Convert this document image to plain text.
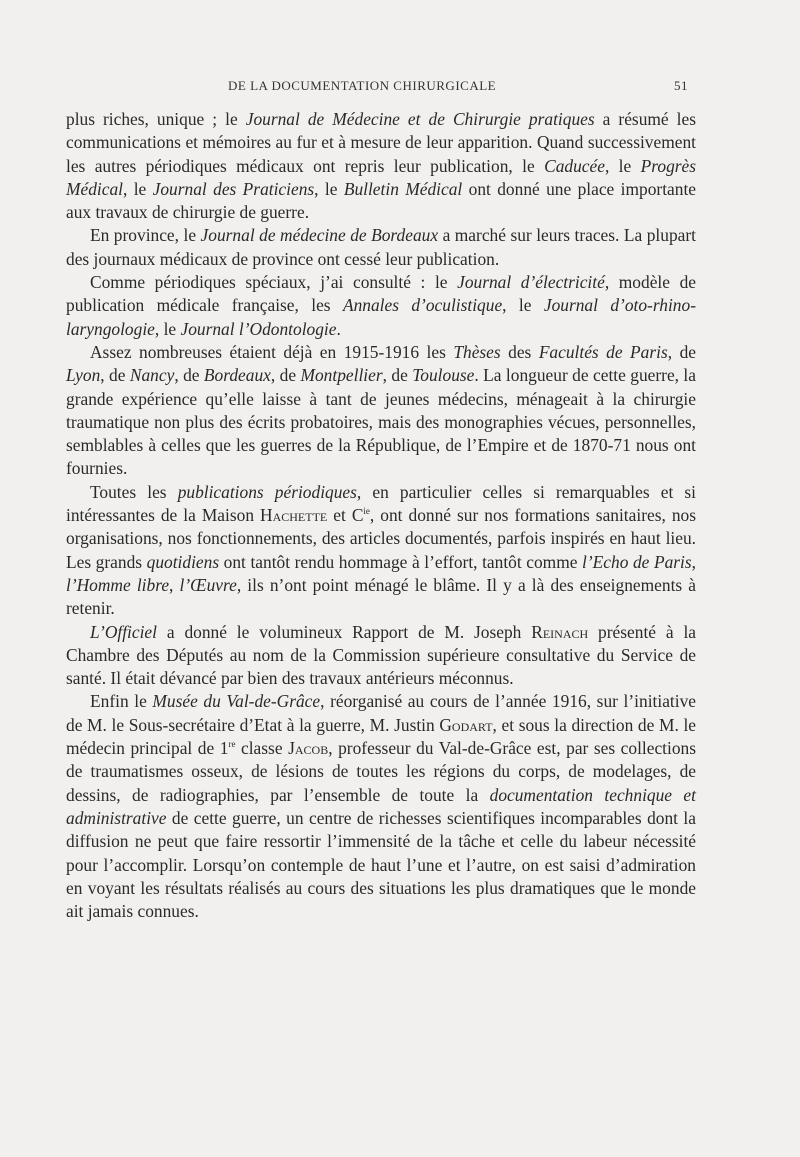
DE LA DOCUMENTATION CHIRURGICALE	51

plus riches, unique ; le Journal de Médecine et de Chirurgie pratiques a résumé les communications et mémoires au fur et à mesure de leur apparition. Quand successivement les autres périodiques médicaux ont repris leur publication, le Caducée, le Progrès Médical, le Journal des Praticiens, le Bulletin Médical ont donné une place importante aux travaux de chirurgie de guerre.

En province, le Journal de médecine de Bordeaux a marché sur leurs traces. La plupart des journaux médicaux de province ont cessé leur publication.

Comme périodiques spéciaux, j’ai consulté : le Journal d’électricité, modèle de publication médicale française, les Annales d’oculistique, le Journal d’oto-rhino-laryngologie, le Journal l’Odontologie.

Assez nombreuses étaient déjà en 1915-1916 les Thèses des Facultés de Paris, de Lyon, de Nancy, de Bordeaux, de Montpellier, de Toulouse. La longueur de cette guerre, la grande expérience qu’elle laisse à tant de jeunes médecins, ménageait à la chirurgie traumatique non plus des écrits probatoires, mais des monographies vécues, personnelles, semblables à celles que les guerres de la République, de l’Empire et de 1870-71 nous ont fournies.

Toutes les publications périodiques, en particulier celles si remarquables et si intéressantes de la Maison Hachette et $C^{ie}$, ont donné sur nos formations sanitaires, nos organisations, nos fonctionnements, des articles documentés, parfois inspirés en haut lieu. Les grands quotidiens ont tantôt rendu hommage à l’effort, tantôt comme l’Echo de Paris, l’Homme libre, l’Œuvre, ils n’ont point ménagé le blâme. Il y a là des enseignements à retenir.

L’Officiel a donné le volumineux Rapport de M. Joseph Reinach présenté à la Chambre des Députés au nom de la Commission supérieure consultative du Service de santé. Il était dévancé par bien des travaux antérieurs méconnus.

Enfin le Musée du Val-de-Grâce, réorganisé au cours de l’année 1916, sur l’initiative de M. le Sous-secrétaire d’Etat à la guerre, M. Justin Godart, et sous la direction de M. le médecin principal de 1re classe Jacob, professeur du Val-de-Grâce est, par ses collections de traumatismes osseux, de lésions de toutes les régions du corps, de modelages, de dessins, de radiographies, par l’ensemble de toute la documentation technique et administrative de cette guerre, un centre de richesses scientifiques incomparables dont la diffusion ne peut que faire ressortir l’immensité de la tâche et celle du labeur nécessité pour l’accomplir. Lorsqu’on contemple de haut l’une et l’autre, on est saisi d’admiration en voyant les résultats réalisés au cours des situations les plus dramatiques que le monde ait jamais connues.
